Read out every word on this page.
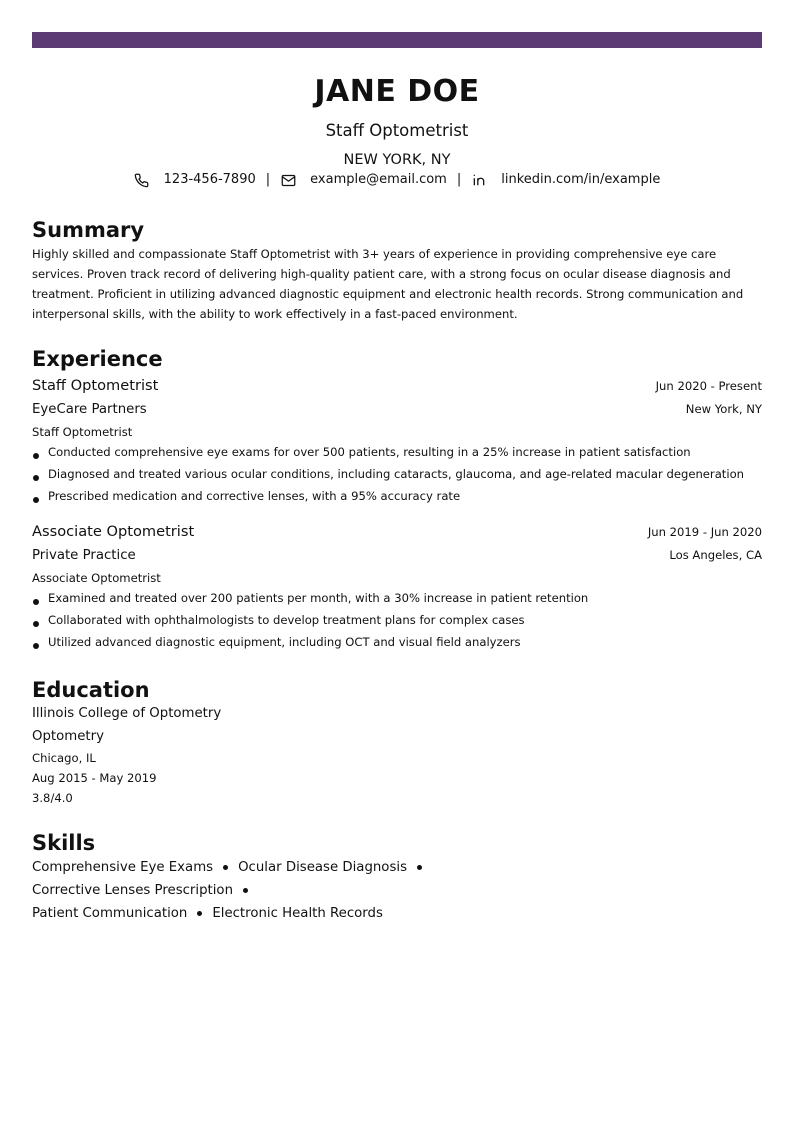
JANE DOE
Staff Optometrist
NEW YORK, NY
123-456-7890 |	example@email.com |	linkedin.com/in/example
Summary
Highly skilled and compassionate Staff Optometrist with 3+ years of experience in providing comprehensive eye care services. Proven track record of delivering high-quality patient care, with a strong focus on ocular disease diagnosis and treatment. Proficient in utilizing advanced diagnostic equipment and electronic health records. Strong communication and interpersonal skills, with the ability to work effectively in a fast-paced environment.
Experience
Staff Optometrist	Jun 2020 - Present
EyeCare Partners	New York, NY
Staff Optometrist
Conducted comprehensive eye exams for over 500 patients, resulting in a 25% increase in patient satisfaction
Diagnosed and treated various ocular conditions, including cataracts, glaucoma, and age-related macular degeneration
Prescribed medication and corrective lenses, with a 95% accuracy rate
Associate Optometrist	Jun 2019 - Jun 2020
Private Practice	Los Angeles, CA
Associate Optometrist
Examined and treated over 200 patients per month, with a 30% increase in patient retention
Collaborated with ophthalmologists to develop treatment plans for complex cases
Utilized advanced diagnostic equipment, including OCT and visual field analyzers
Education
Illinois College of Optometry
Optometry
Chicago, IL
Aug 2015 - May 2019
3.8/4.0
Skills
Comprehensive Eye Exams Ocular Disease DiagnosisCorrective Lenses Prescription
Patient Communication Electronic Health Records
